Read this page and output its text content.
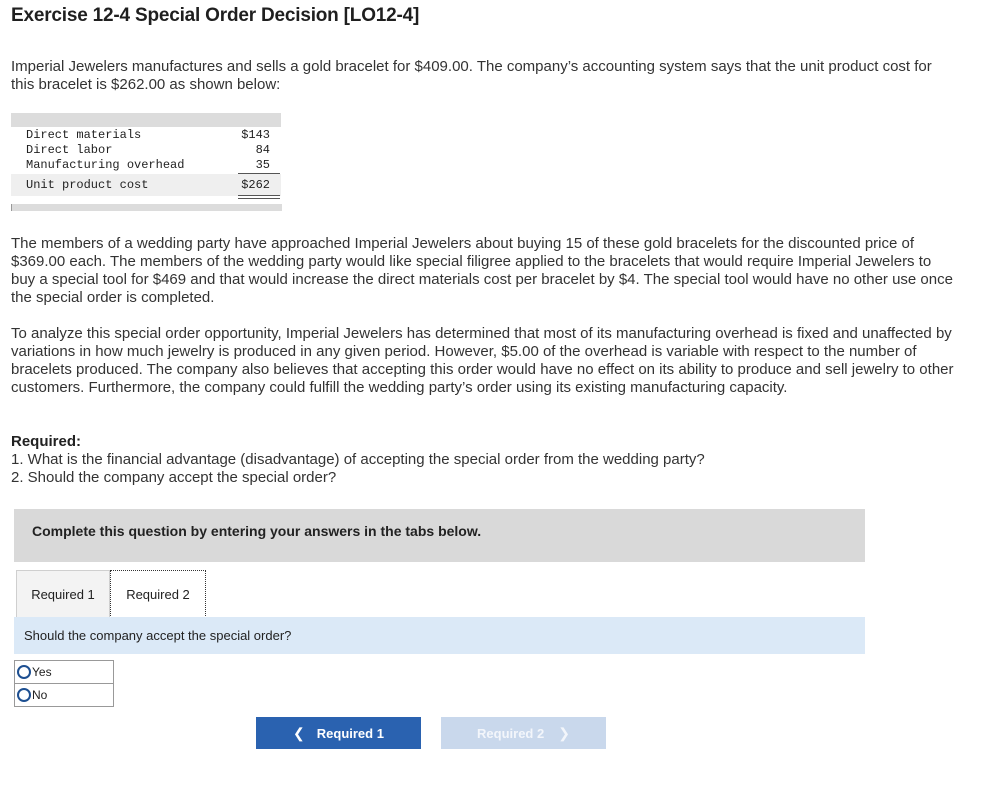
Exercise 12-4 Special Order Decision [LO12-4]

Imperial Jewelers manufactures and sells a gold bracelet for $409.00. The company’s accounting system says that the unit product cost for this bracelet is $262.00 as shown below:

Direct materials	$143
Direct labor	84
Manufacturing overhead	35
Unit product cost	$262

The members of a wedding party have approached Imperial Jewelers about buying 15 of these gold bracelets for the discounted price of $369.00 each. The members of the wedding party would like special filigree applied to the bracelets that would require Imperial Jewelers to buy a special tool for $469 and that would increase the direct materials cost per bracelet by $4. The special tool would have no other use once the special order is completed.

To analyze this special order opportunity, Imperial Jewelers has determined that most of its manufacturing overhead is fixed and unaffected by variations in how much jewelry is produced in any given period. However, $5.00 of the overhead is variable with respect to the number of bracelets produced. The company also believes that accepting this order would have no effect on its ability to produce and sell jewelry to other customers. Furthermore, the company could fulfill the wedding party’s order using its existing manufacturing capacity.

Required:

1. What is the financial advantage (disadvantage) of accepting the special order from the wedding party?

2. Should the company accept the special order?

Complete this question by entering your answers in the tabs below.
Required 1 Required 2
Should the company accept the special order?
Yes
No
❮ Required 1	Required 2 ❯
